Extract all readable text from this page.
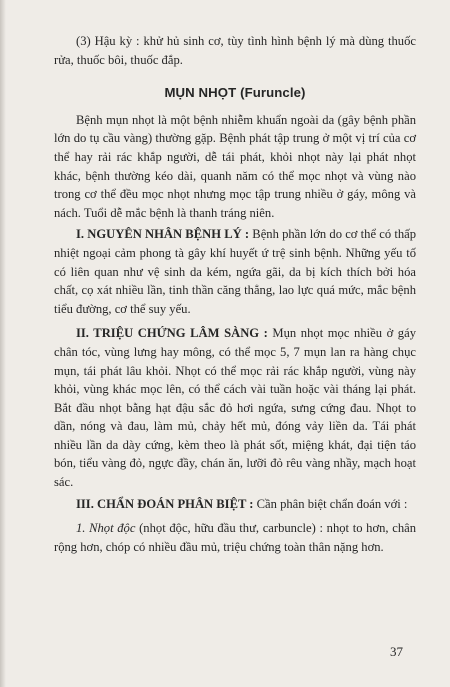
(3) Hậu kỳ : khử hủ sinh cơ, tùy tình hình bệnh lý mà dùng thuốc rửa, thuốc bôi, thuốc đắp.

MỤN NHỌT (Furuncle)

Bệnh mụn nhọt là một bệnh nhiễm khuẩn ngoài da (gây bệnh phần lớn do tụ cầu vàng) thường gặp. Bệnh phát tập trung ở một vị trí của cơ thể hay rải rác khắp người, dễ tái phát, khỏi nhọt này lại phát nhọt khác, bệnh thường kéo dài, quanh năm có thể mọc nhọt và vùng nào trong cơ thể đều mọc nhọt nhưng mọc tập trung nhiều ở gáy, mông và nách. Tuổi dễ mắc bệnh là thanh tráng niên.

I. NGUYÊN NHÂN BỆNH LÝ : Bệnh phần lớn do cơ thể có thấp nhiệt ngoại cảm phong tà gây khí huyết ứ trệ sinh bệnh. Những yếu tố có liên quan như vệ sinh da kém, ngứa gãi, da bị kích thích bởi hóa chất, cọ xát nhiều lần, tinh thần căng thẳng, lao lực quá mức, mắc bệnh tiểu đường, cơ thể suy yếu.

II. TRIỆU CHỨNG LÂM SÀNG : Mụn nhọt mọc nhiều ở gáy chân tóc, vùng lưng hay mông, có thể mọc 5, 7 mụn lan ra hàng chục mụn, tái phát lâu khỏi. Nhọt có thể mọc rải rác khắp người, vùng này khỏi, vùng khác mọc lên, có thể cách vài tuần hoặc vài tháng lại phát. Bắt đầu nhọt bằng hạt đậu sắc đỏ hơi ngứa, sưng cứng đau. Nhọt to dần, nóng và đau, làm mủ, chảy hết mủ, đóng vảy liền da. Tái phát nhiều lần da dày cứng, kèm theo là phát sốt, miệng khát, đại tiện táo bón, tiểu vàng đỏ, ngực đầy, chán ăn, lưỡi đỏ rêu vàng nhầy, mạch hoạt sác.

III. CHẨN ĐOÁN PHÂN BIỆT : Cần phân biệt chẩn đoán với :

1. Nhọt độc (nhọt độc, hữu đầu thư, carbuncle) : nhọt to hơn, chân rộng hơn, chóp có nhiều đầu mủ, triệu chứng toàn thân nặng hơn.

37
